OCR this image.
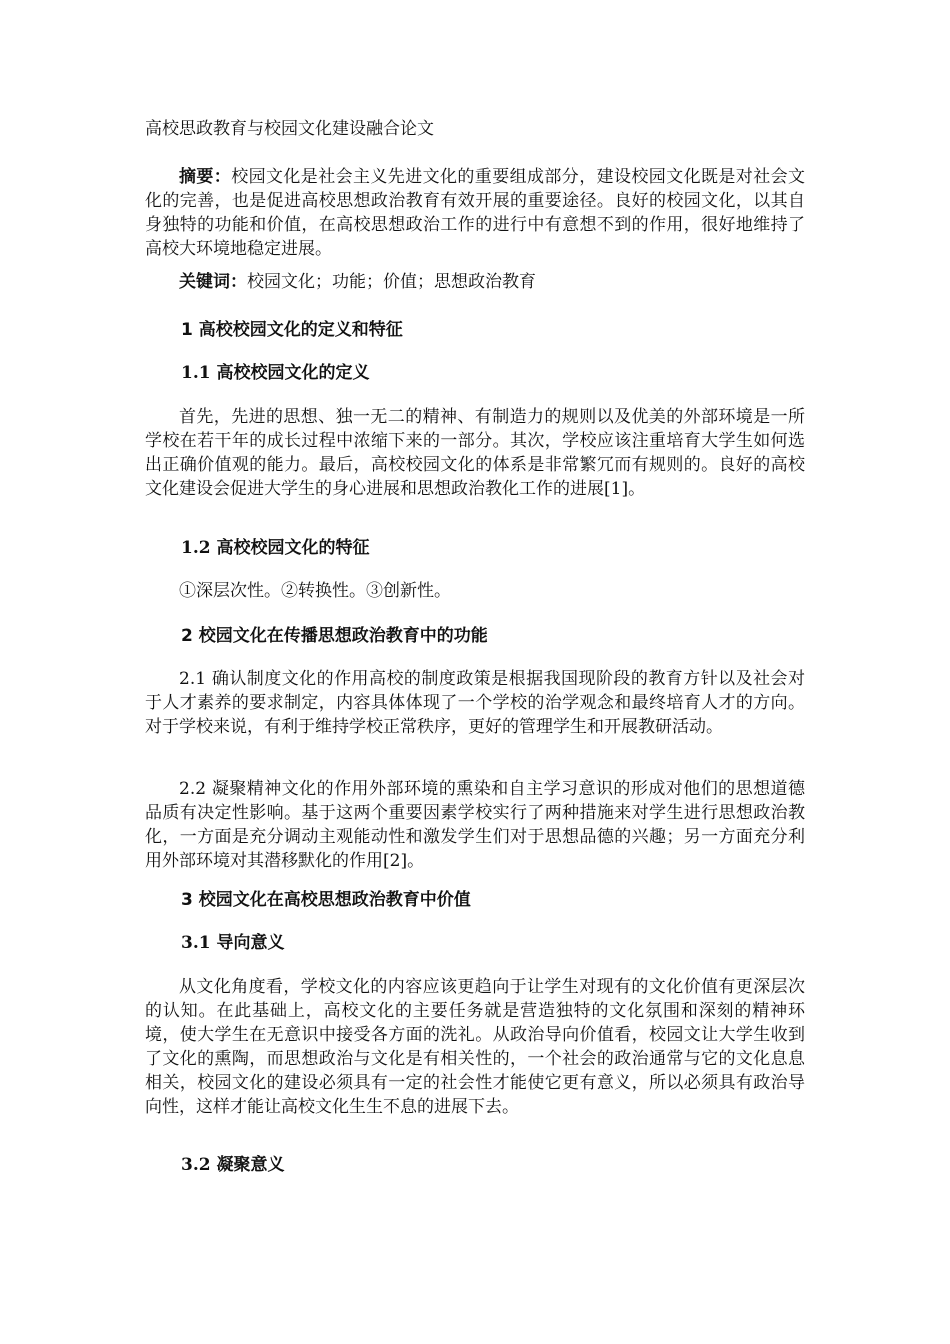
高校思政教育与校园文化建设融合论文

摘要：校园文化是社会主义先进文化的重要组成部分，建设校园文化既是对社会文化的完善，也是促进高校思想政治教育有效开展的重要途径。良好的校园文化，以其自身独特的功能和价值，在高校思想政治工作的进行中有意想不到的作用，很好地维持了高校大环境地稳定进展。

关键词：校园文化；功能；价值；思想政治教育

1 高校校园文化的定义和特征
1.1 高校校园文化的定义

首先，先进的思想、独一无二的精神、有制造力的规则以及优美的外部环境是一所学校在若干年的成长过程中浓缩下来的一部分。其次，学校应该注重培育大学生如何选出正确价值观的能力。最后，高校校园文化的体系是非常繁冗而有规则的。良好的高校文化建设会促进大学生的身心进展和思想政治教化工作的进展[1]。

1.2 高校校园文化的特征

①深层次性。②转换性。③创新性。

2 校园文化在传播思想政治教育中的功能

2.1 确认制度文化的作用高校的制度政策是根据我国现阶段的教育方针以及社会对于人才素养的要求制定，内容具体体现了一个学校的治学观念和最终培育人才的方向。对于学校来说，有利于维持学校正常秩序，更好的管理学生和开展教研活动。

2.2 凝聚精神文化的作用外部环境的熏染和自主学习意识的形成对他们的思想道德品质有决定性影响。基于这两个重要因素学校实行了两种措施来对学生进行思想政治教化，一方面是充分调动主观能动性和激发学生们对于思想品德的兴趣；另一方面充分利用外部环境对其潜移默化的作用[2]。

3 校园文化在高校思想政治教育中价值
3.1 导向意义

从文化角度看，学校文化的内容应该更趋向于让学生对现有的文化价值有更深层次的认知。在此基础上，高校文化的主要任务就是营造独特的文化氛围和深刻的精神环境，使大学生在无意识中接受各方面的洗礼。从政治导向价值看，校园文让大学生收到了文化的熏陶，而思想政治与文化是有相关性的，一个社会的政治通常与它的文化息息相关，校园文化的建设必须具有一定的社会性才能使它更有意义，所以必须具有政治导向性，这样才能让高校文化生生不息的进展下去。

3.2 凝聚意义
